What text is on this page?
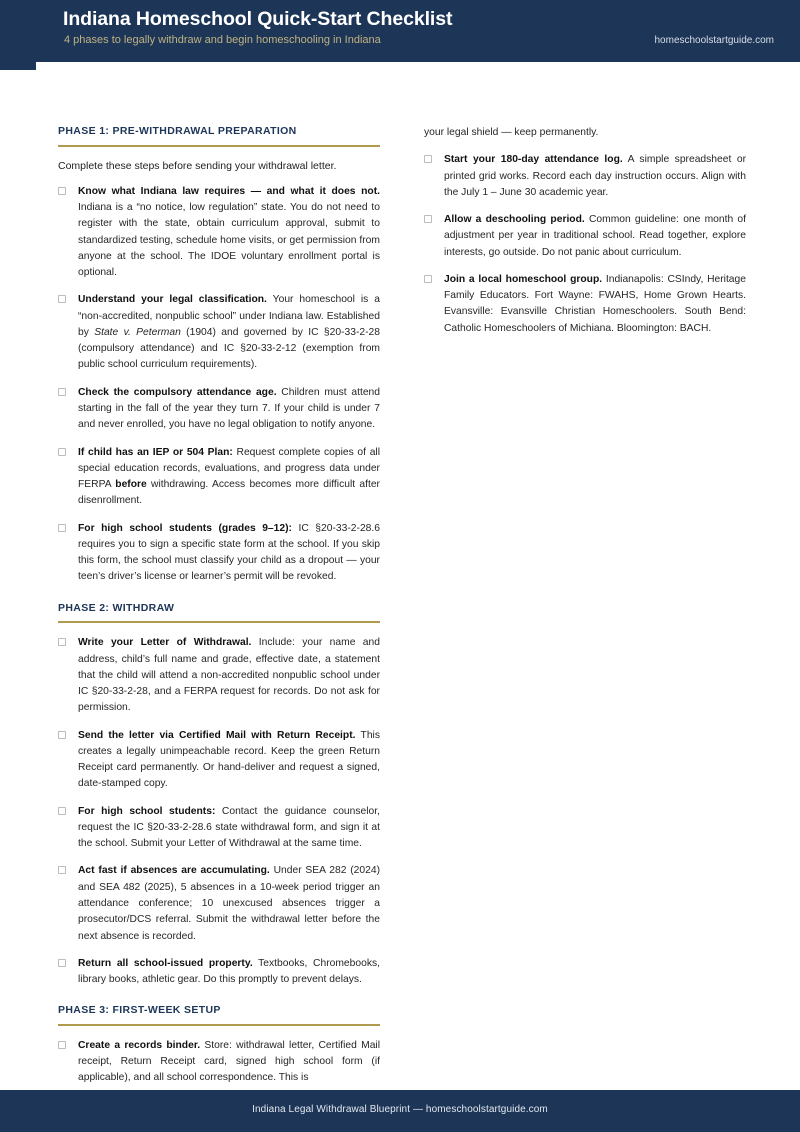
Indiana Homeschool Quick-Start Checklist
4 phases to legally withdraw and begin homeschooling in Indiana	homeschoolstartguide.com
PHASE 1: PRE-WITHDRAWAL PREPARATION

Complete these steps before sending your withdrawal letter.

Know what Indiana law requires — and what it does not. Indiana is a “no notice, low regulation” state. You do not need to register with the state, obtain curriculum approval, submit to standardized testing, schedule home visits, or get permission from anyone at the school. The IDOE voluntary enrollment portal is optional.
Understand your legal classification. Your homeschool is a “non-accredited, nonpublic school” under Indiana law. Established by State v. Peterman (1904) and governed by IC §20-33-2-28 (compulsory attendance) and IC §20-33-2-12 (exemption from public school curriculum requirements).
Check the compulsory attendance age. Children must attend starting in the fall of the year they turn 7. If your child is under 7 and never enrolled, you have no legal obligation to notify anyone.
If child has an IEP or 504 Plan: Request complete copies of all special education records, evaluations, and progress data under FERPA before withdrawing. Access becomes more difficult after disenrollment.
For high school students (grades 9–12): IC §20-33-2-28.6 requires you to sign a specific state form at the school. If you skip this form, the school must classify your child as a dropout — your teen’s driver’s license or learner’s permit will be revoked.
PHASE 2: WITHDRAW
Write your Letter of Withdrawal. Include: your name and address, child’s full name and grade, effective date, a statement that the child will attend a non-accredited nonpublic school under IC §20-33-2-28, and a FERPA request for records. Do not ask for permission.
Send the letter via Certified Mail with Return Receipt. This creates a legally unimpeachable record. Keep the green Return Receipt card permanently. Or hand-deliver and request a signed, date-stamped copy.
For high school students: Contact the guidance counselor, request the IC §20-33-2-28.6 state withdrawal form, and sign it at the school. Submit your Letter of Withdrawal at the same time.
Act fast if absences are accumulating. Under SEA 282 (2024) and SEA 482 (2025), 5 absences in a 10-week period trigger an attendance conference; 10 unexcused absences trigger a prosecutor/DCS referral. Submit the withdrawal letter before the next absence is recorded.
Return all school-issued property. Textbooks, Chromebooks, library books, athletic gear. Do this promptly to prevent delays.
PHASE 3: FIRST-WEEK SETUP
Create a records binder. Store: withdrawal letter, Certified Mail receipt, Return Receipt card, signed high school form (if applicable), and all school correspondence. This is

your legal shield — keep permanently.

Start your 180-day attendance log. A simple spreadsheet or printed grid works. Record each day instruction occurs. Align with the July 1 – June 30 academic year.
Allow a deschooling period. Common guideline: one month of adjustment per year in traditional school. Read together, explore interests, go outside. Do not panic about curriculum.
Join a local homeschool group. Indianapolis: CSIndy, Heritage Family Educators. Fort Wayne: FWAHS, Home Grown Hearts. Evansville: Evansville Christian Homeschoolers. South Bend: Catholic Homeschoolers of Michiana. Bloomington: BACH.
Indiana Legal Withdrawal Blueprint — homeschoolstartguide.com
